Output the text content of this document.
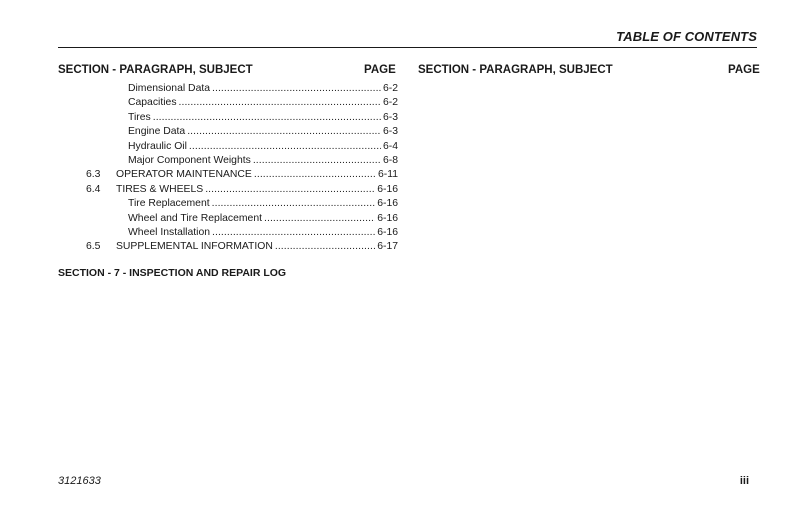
TABLE OF CONTENTS
SECTION - PARAGRAPH, SUBJECT	PAGE SECTION - PARAGRAPH, SUBJECT	PAGE
Dimensional Data . . .	6-2
Capacities . . .	6-2
Tires . . .	6-3
Engine Data . . .	6-3
Hydraulic Oil . . .	6-4
Major Component Weights . . .	6-8
6.3	OPERATOR MAINTENANCE . . .	6-11
6.4	TIRES & WHEELS . . .	6-16
Tire Replacement . . .	6-16
Wheel and Tire Replacement . . .	6-16
Wheel Installation . . .	6-16
6.5	SUPPLEMENTAL INFORMATION . . .	6-17
SECTION - 7 - INSPECTION AND REPAIR LOG
3121633	iii
